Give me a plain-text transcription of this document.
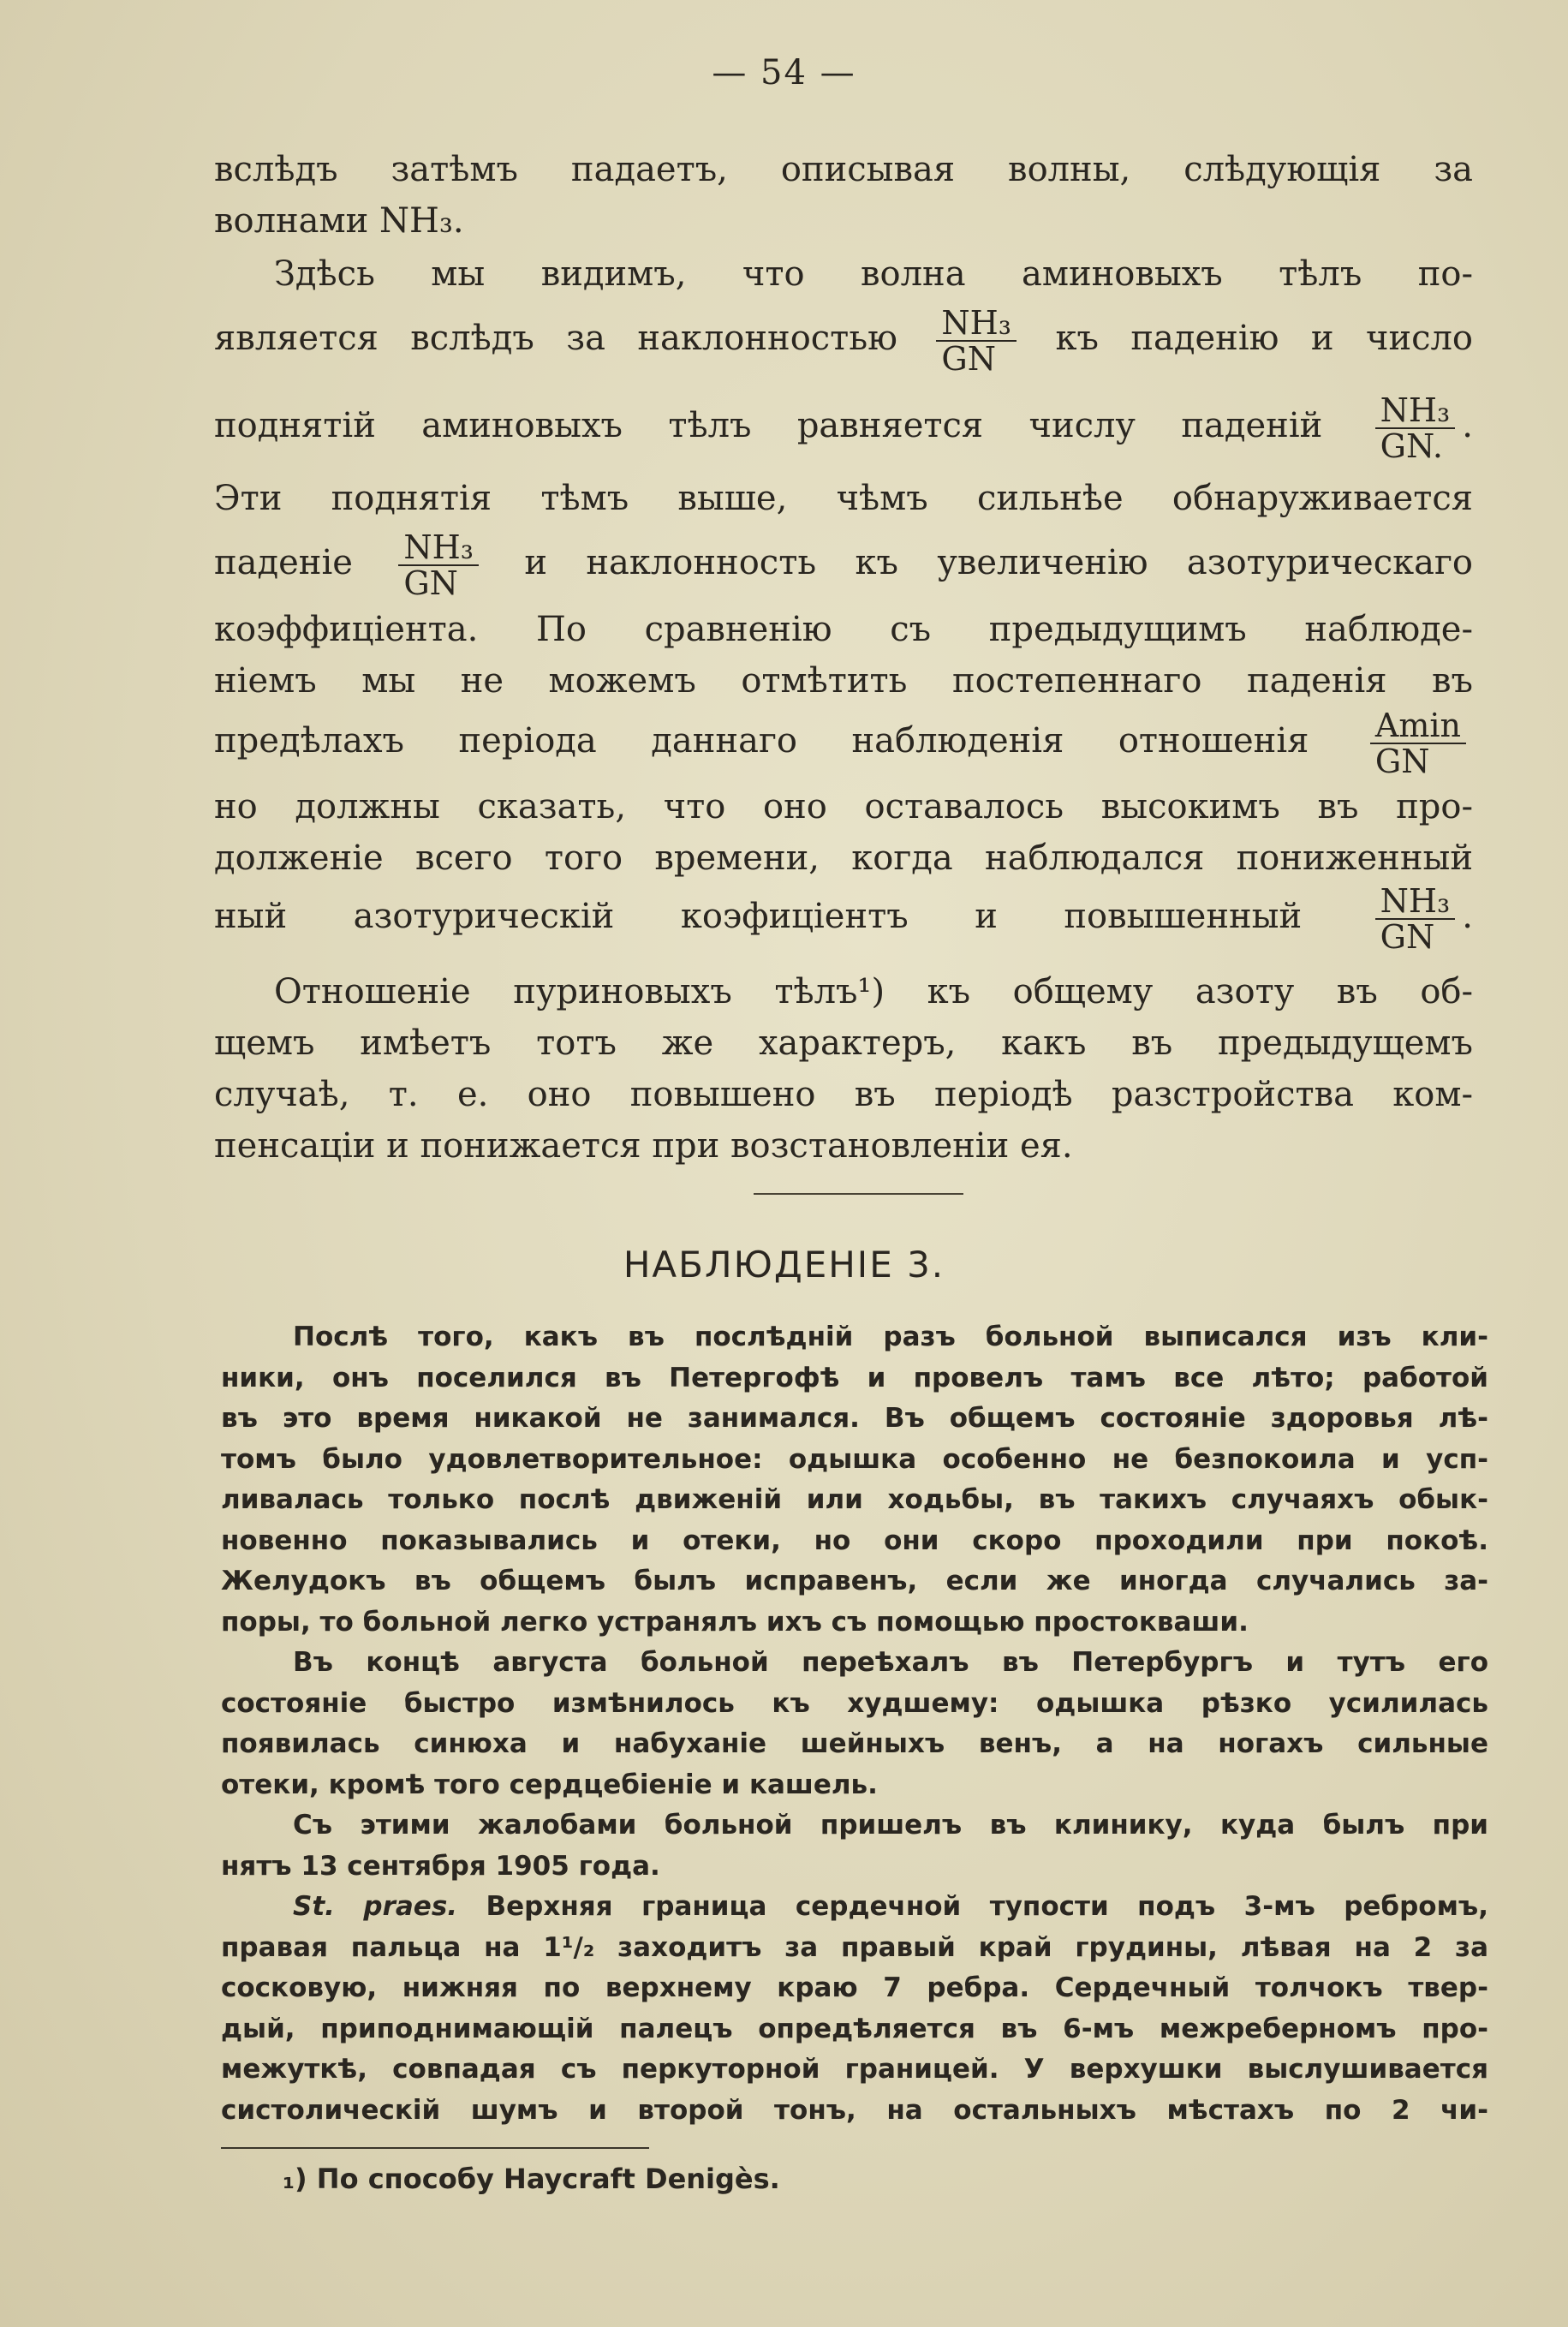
— 54 —
вслѣдъ затѣмъ падаетъ, описывая волны, слѣдующія за
волнами NH₃.
Здѣсь мы видимъ, что волна аминовыхъ тѣлъ по-
является вслѣдъ за наклонностью $\frac{\text{NH₃}}{GN}$ къ паденію и число
поднятій аминовыхъ тѣлъ равняется числу паденій $\frac{\text{NH₃}}{GN.}$ .
Эти поднятія тѣмъ выше, чѣмъ сильнѣе обнаруживается
паденіе $\frac{\text{NH₃}}{GN}$ и наклонность къ увеличенію азотурическаго
коэффиціента. По сравненію съ предыдущимъ наблюде-
ніемъ мы не можемъ отмѣтить постепеннаго паденія въ
предѣлахъ періода даннаго наблюденія отношенія $\frac{Amin}{GN}$
но должны сказать, что оно оставалось высокимъ въ про-
долженіе всего того времени, когда наблюдался пониженный
ный азотурическій коэфиціентъ и повышенный $\frac{\text{NH₃}}{GN}$ .
Отношеніе пуриновыхъ тѣлъ¹) къ общему азоту въ об-
щемъ имѣетъ тотъ же характеръ, какъ въ предыдущемъ
случаѣ, т. е. оно повышено въ періодѣ разстройства ком-
пенсаціи и понижается при возстановленіи ея.
НАБЛЮДЕНІЕ 3.
Послѣ того, какъ въ послѣдній разъ больной выписался изъ кли-
ники, онъ поселился въ Петергофѣ и провелъ тамъ все лѣто; работой
въ это время никакой не занимался. Въ общемъ состояніе здоровья лѣ-
томъ было удовлетворительное: одышка особенно не безпокоила и усп-
ливалась только послѣ движеній или ходьбы, въ такихъ случаяхъ обык-
новенно показывались и отеки, но они скоро проходили при покоѣ.
Желудокъ въ общемъ былъ исправенъ, если же иногда случались за-
поры, то больной легко устранялъ ихъ съ помощью простокваши.
Въ концѣ августа больной переѣхалъ въ Петербургъ и тутъ его
состояніе быстро измѣнилось къ худшему: одышка рѣзко усилилась
появилась синюха и набуханіе шейныхъ венъ, а на ногахъ сильные
отеки, кромѣ того сердцебіеніе и кашель.
Съ этими жалобами больной пришелъ въ клинику, куда былъ при
нятъ 13 сентября 1905 года.
St. praes. Верхняя граница сердечной тупости подъ 3-мъ ребромъ,
правая пальца на 1¹/₂ заходитъ за правый край грудины, лѣвая на 2 за
сосковую, нижняя по верхнему краю 7 ребра. Сердечный толчокъ твер-
дый, приподнимающій палецъ опредѣляется въ 6-мъ межреберномъ про-
межуткѣ, совпадая съ перкуторной границей. У верхушки выслушивается
систолическій шумъ и второй тонъ, на остальныхъ мѣстахъ по 2 чи-
₁) По способу Haycraft Denigès.
